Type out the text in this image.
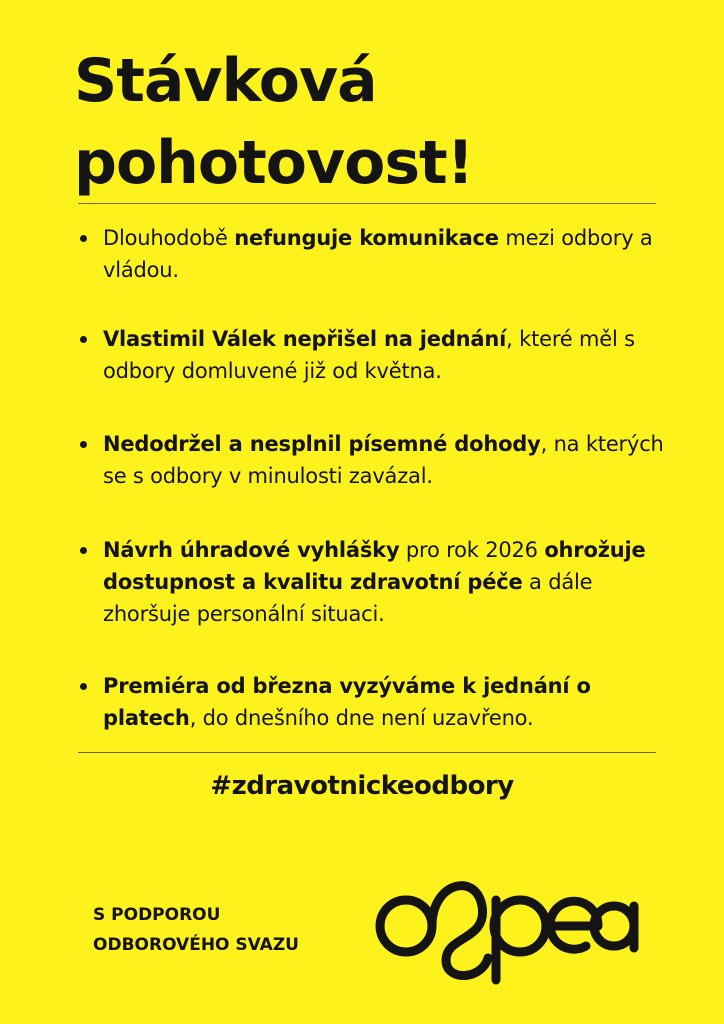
Stávková
pohotovost!
Dlouhodobě nefunguje komunikace mezi odbory a vládou.
Vlastimil Válek nepřišel na jednání, které měl s odbory domluvené již od května.
Nedodržel a nesplnil písemné dohody, na kterých se s odbory v minulosti zavázal.
Návrh úhradové vyhlášky pro rok 2026 ohrožuje dostupnost a kvalitu zdravotní péče a dále zhoršuje personální situaci.
Premiéra od března vyzýváme k jednání o platech, do dnešního dne není uzavřeno.
#zdravotnickeodbory
S PODPOROU
ODBOROVÉHO SVAZU
